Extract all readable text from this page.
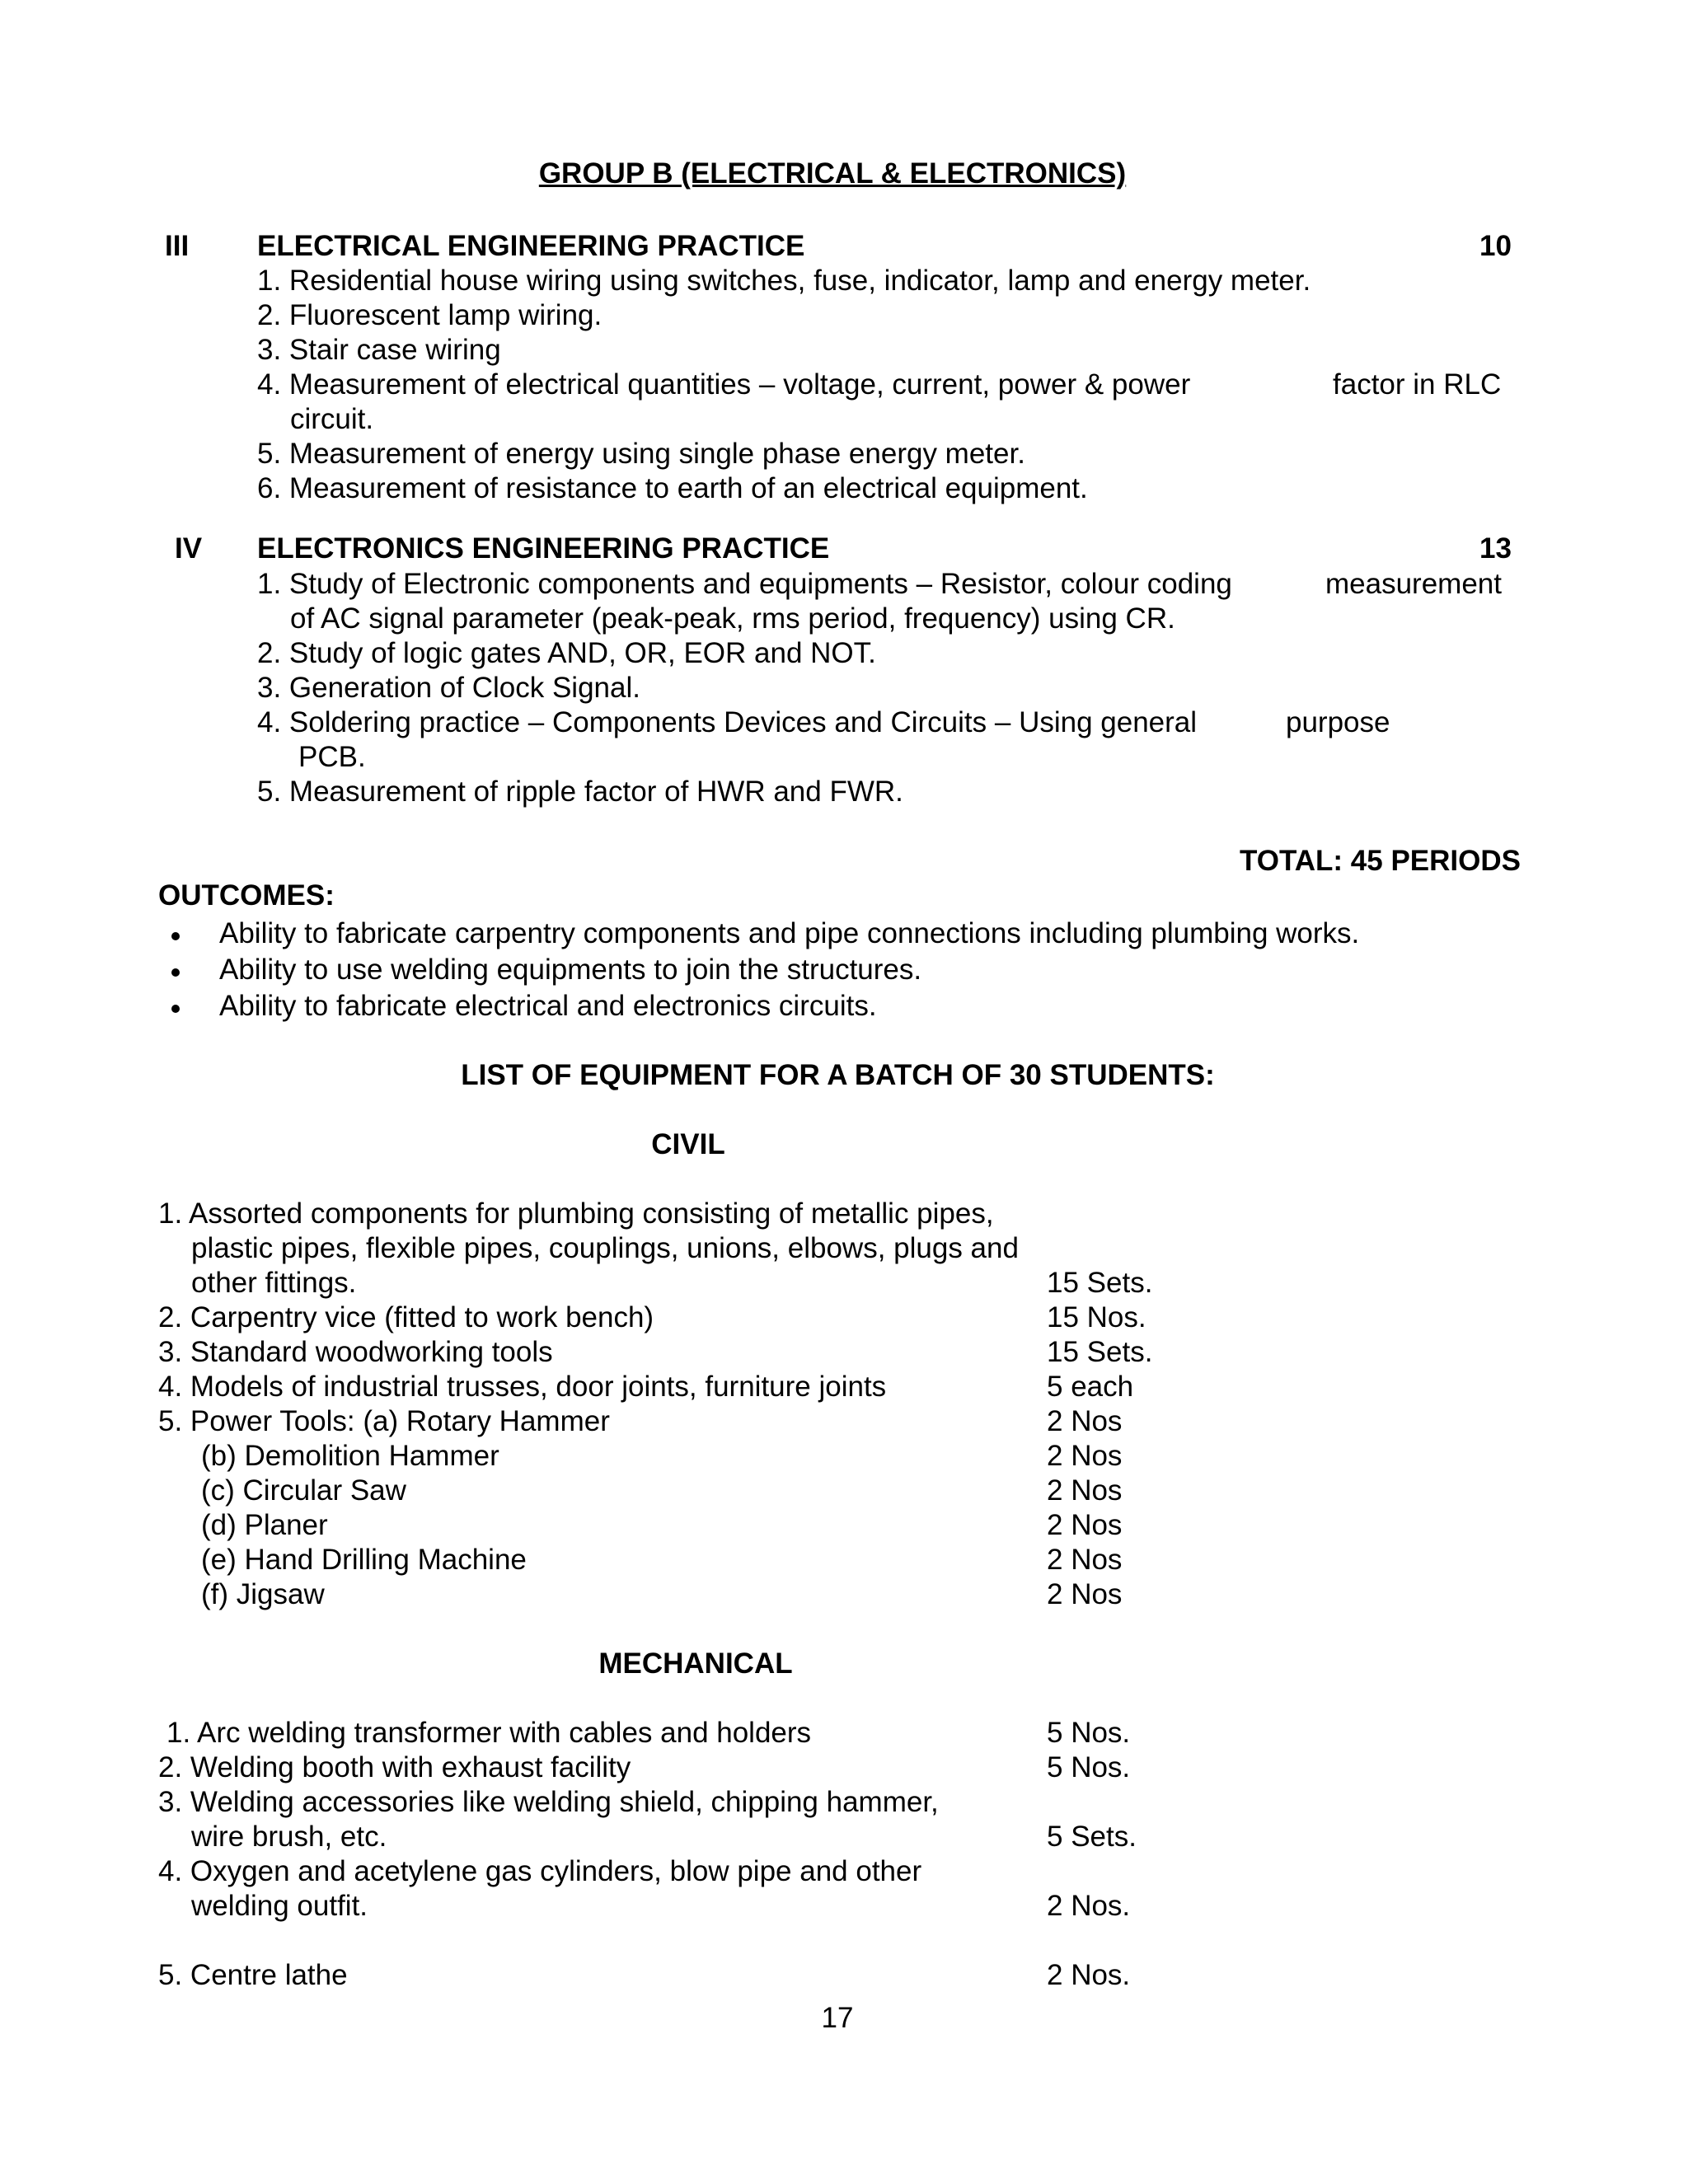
GROUP B (ELECTRICAL & ELECTRONICS)
III ELECTRICAL ENGINEERING PRACTICE	10
1. Residential house wiring using switches, fuse, indicator, lamp and energy meter.
2. Fluorescent lamp wiring.
3. Stair case wiring
4. Measurement of electrical quantities – voltage, current, power & power	factor in RLC
circuit.
5. Measurement of energy using single phase energy meter.
6. Measurement of resistance to earth of an electrical equipment.
IV ELECTRONICS ENGINEERING PRACTICE	13
1. Study of Electronic components and equipments – Resistor, colour coding	measurement
of AC signal parameter (peak-peak, rms period, frequency) using CR.
2. Study of logic gates AND, OR, EOR and NOT.
3. Generation of Clock Signal.
4. Soldering practice – Components Devices and Circuits – Using general	purpose
PCB.
5. Measurement of ripple factor of HWR and FWR.
TOTAL: 45 PERIODS
OUTCOMES:
Ability to fabricate carpentry components and pipe connections including plumbing works.
Ability to use welding equipments to join the structures.
Ability to fabricate electrical and electronics circuits.
LIST OF EQUIPMENT FOR A BATCH OF 30 STUDENTS:
CIVIL
1. Assorted components for plumbing consisting of metallic pipes,
plastic pipes, flexible pipes, couplings, unions, elbows, plugs and
other fittings.	15 Sets.
2. Carpentry vice (fitted to work bench)	15 Nos.
3. Standard woodworking tools	15 Sets.
4. Models of industrial trusses, door joints, furniture joints	5 each
5. Power Tools: (a) Rotary Hammer	2 Nos
(b) Demolition Hammer	2 Nos
(c) Circular Saw	2 Nos
(d) Planer	2 Nos
(e) Hand Drilling Machine	2 Nos
(f) Jigsaw	2 Nos
MECHANICAL
1. Arc welding transformer with cables and holders	5 Nos.
2. Welding booth with exhaust facility	5 Nos.
3. Welding accessories like welding shield, chipping hammer,
wire brush, etc.	5 Sets.
4. Oxygen and acetylene gas cylinders, blow pipe and other
welding outfit.	2 Nos.
5. Centre lathe	2 Nos.
17
